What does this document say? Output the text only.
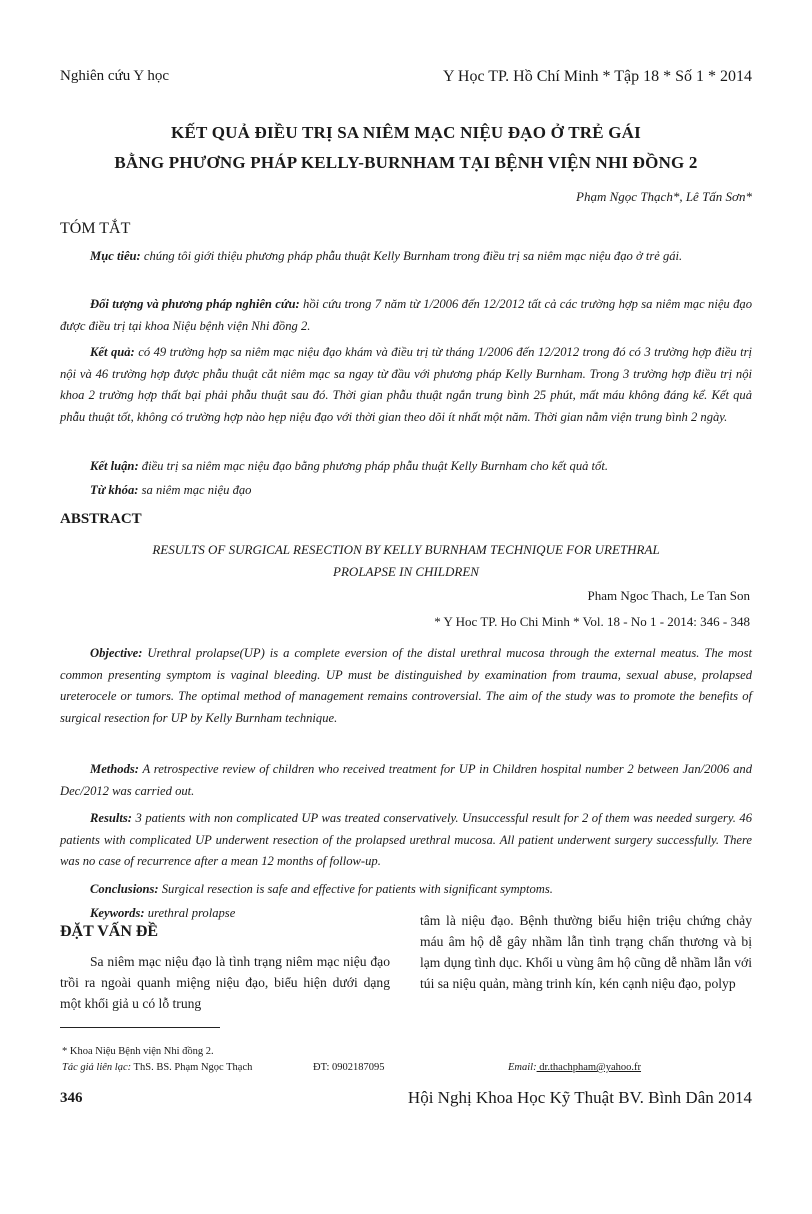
Nghiên cứu Y học	Y Học TP. Hồ Chí Minh * Tập 18 * Số 1 * 2014
KẾT QUẢ ĐIỀU TRỊ SA NIÊM MẠC NIỆU ĐẠO Ở TRẺ GÁI
BẰNG PHƯƠNG PHÁP KELLY-BURNHAM TẠI BỆNH VIỆN NHI ĐỒNG 2
Phạm Ngọc Thạch*, Lê Tấn Sơn*
TÓM TẮT
Mục tiêu: chúng tôi giới thiệu phương pháp phẫu thuật Kelly Burnham trong điều trị sa niêm mạc niệu đạo ở trẻ gái.
Đối tượng và phương pháp nghiên cứu: hồi cứu trong 7 năm từ 1/2006 đến 12/2012 tất cả các trường hợp sa niêm mạc niệu đạo được điều trị tại khoa Niệu bệnh viện Nhi đồng 2.
Kết quả: có 49 trường hợp sa niêm mạc niệu đạo khám và điều trị từ tháng 1/2006 đến 12/2012 trong đó có 3 trường hợp điều trị nội và 46 trường hợp được phẫu thuật cắt niêm mạc sa ngay từ đầu với phương pháp Kelly Burnham. Trong 3 trường hợp điều trị nội khoa 2 trường hợp thất bại phải phẫu thuật sau đó. Thời gian phẫu thuật ngắn trung bình 25 phút, mất máu không đáng kể. Kết quả phẫu thuật tốt, không có trường hợp nào hẹp niệu đạo với thời gian theo dõi ít nhất một năm. Thời gian nằm viện trung bình 2 ngày.
Kết luận: điều trị sa niêm mạc niệu đạo bằng phương pháp phẫu thuật Kelly Burnham cho kết quả tốt.
Từ khóa: sa niêm mạc niệu đạo
ABSTRACT
RESULTS OF SURGICAL RESECTION BY KELLY BURNHAM TECHNIQUE FOR URETHRAL
PROLAPSE IN CHILDREN
Pham Ngoc Thach, Le Tan Son
* Y Hoc TP. Ho Chi Minh * Vol. 18 - No 1 - 2014: 346 - 348
Objective: Urethral prolapse(UP) is a complete eversion of the distal urethral mucosa through the external meatus. The most common presenting symptom is vaginal bleeding. UP must be distinguished by examination from trauma, sexual abuse, prolapsed ureterocele or tumors. The optimal method of management remains controversial. The aim of the study was to promote the benefits of surgical resection for UP by Kelly Burnham technique.
Methods: A retrospective review of children who received treatment for UP in Children hospital number 2 between Jan/2006 and Dec/2012 was carried out.
Results: 3 patients with non complicated UP was treated conservatively. Unsuccessful result for 2 of them was needed surgery. 46 patients with complicated UP underwent resection of the prolapsed urethral mucosa. All patient underwent surgery successfully. There was no case of recurrence after a mean 12 months of follow-up.
Conclusions: Surgical resection is safe and effective for patients with significant symptoms.
Keywords: urethral prolapse
ĐẶT VẤN ĐỀ
Sa niêm mạc niệu đạo là tình trạng niêm mạc niệu đạo trồi ra ngoài quanh miệng niệu đạo, biểu hiện dưới dạng một khối giả u có lỗ trung
tâm là niệu đạo. Bệnh thường biểu hiện triệu chứng chảy máu âm hộ dễ gây nhầm lẫn tình trạng chấn thương và bị lạm dụng tình dục. Khối u vùng âm hộ cũng dễ nhầm lẫn với túi sa niệu quản, màng trinh kín, kén cạnh niệu đạo, polyp
* Khoa Niệu Bệnh viện Nhi đồng 2.
Tác giả liên lạc: ThS. BS. Phạm Ngọc Thạch	ĐT: 0902187095	Email: dr.thachpham@yahoo.fr
346	Hội Nghị Khoa Học Kỹ Thuật BV. Bình Dân 2014
